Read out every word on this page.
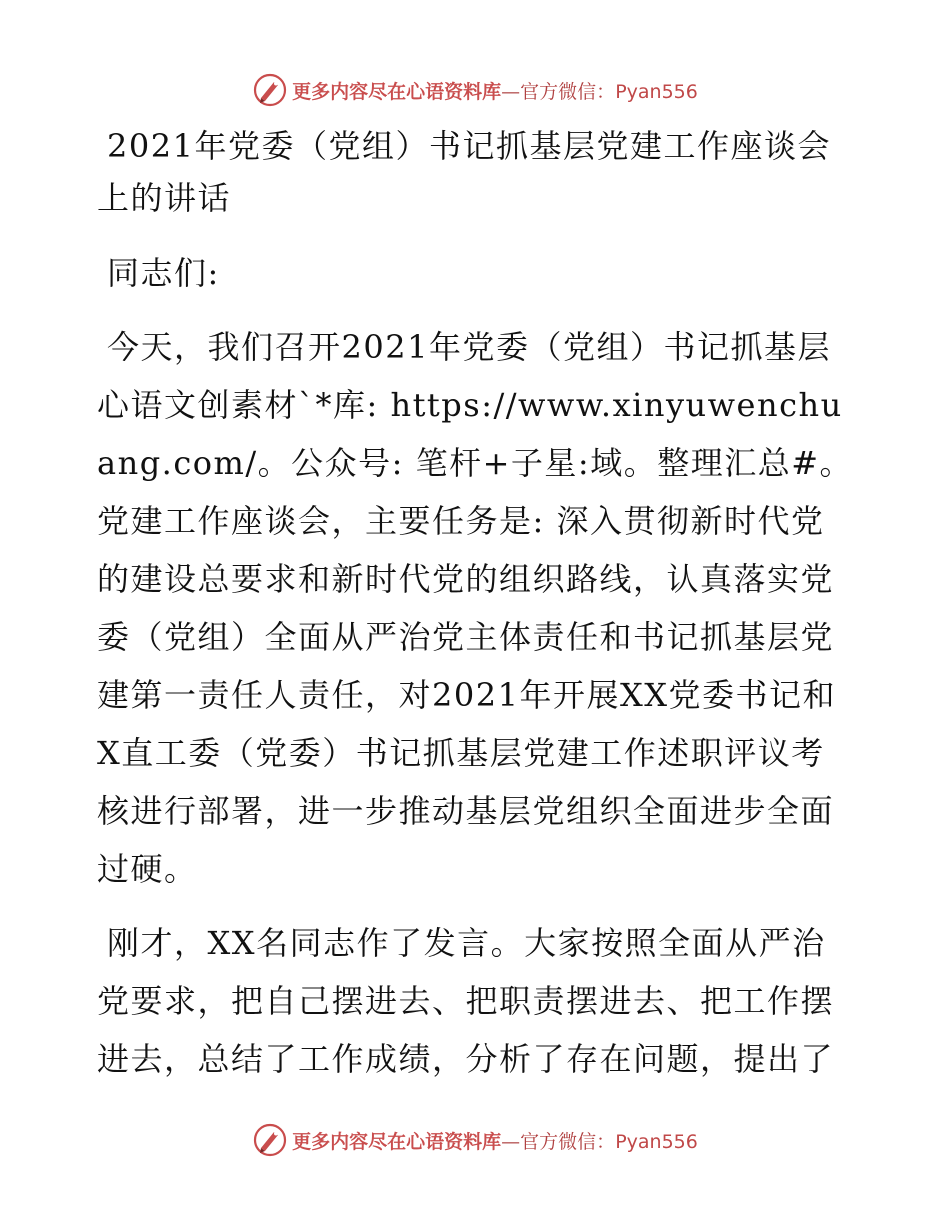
更多内容尽在心语资料库—官方微信：Pyan556
2021年党委（党组）书记抓基层党建工作座谈会上的讲话

同志们:

今天，我们召开2021年党委（党组）书记抓基层心语文创素材`*库: https://www.xinyuwenchuang.com/。公众号: 笔杆+子星:域。整理汇总#。党建工作座谈会，主要任务是: 深入贯彻新时代党的建设总要求和新时代党的组织路线，认真落实党委（党组）全面从严治党主体责任和书记抓基层党建第一责任人责任，对2021年开展XX党委书记和X直工委（党委）书记抓基层党建工作述职评议考核进行部署，进一步推动基层党组织全面进步全面过硬。

刚才，XX名同志作了发言。大家按照全面从严治党要求，把自己摆进去、把职责摆进去、把工作摆进去，总结了工作成绩，分析了存在问题，提出了

更多内容尽在心语资料库—官方微信：Pyan556
